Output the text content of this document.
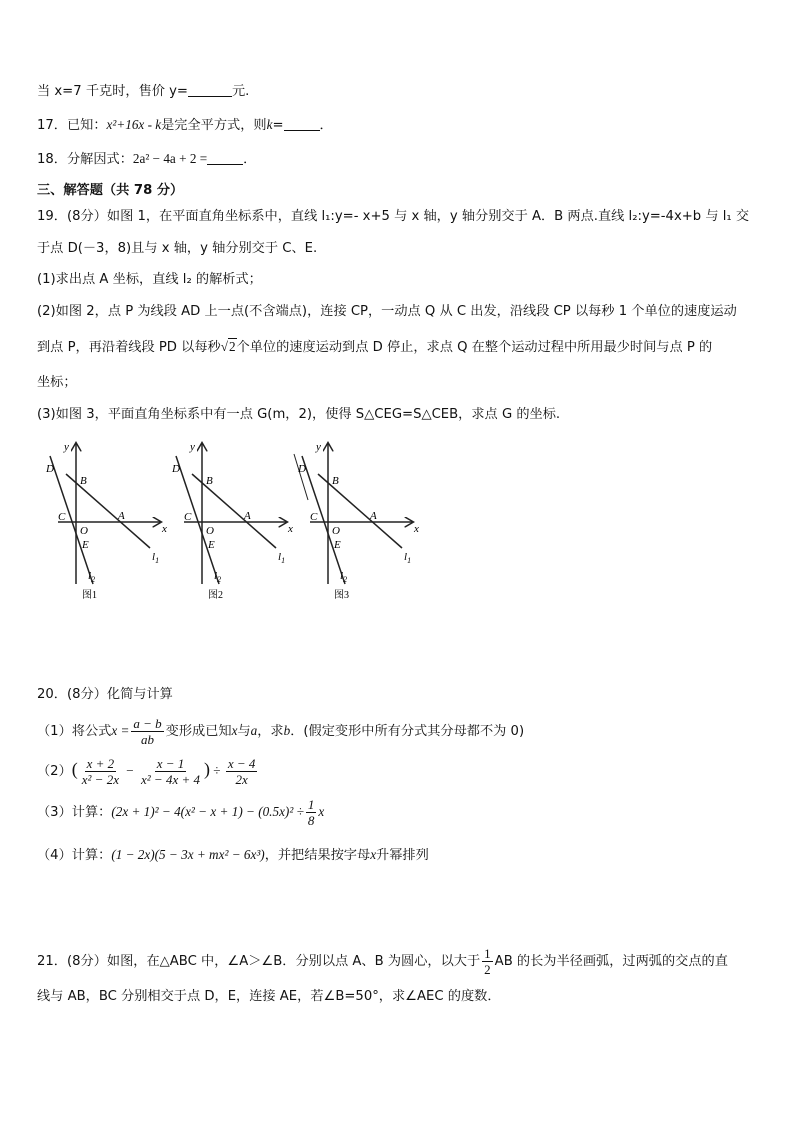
当 x=7 千克时，售价 y=	元.
17．已知：x²+16x - k是完全平方式，则k=	．
18．分解因式：2a² − 4a + 2 =	．
三、解答题（共 78 分）
19．(8分）如图 1，在平面直角坐标系中，直线 l₁:y=- x+5 与 x 轴，y 轴分别交于 A．B 两点.直线 l₂:y=-4x+b 与 l₁ 交
于点 D(－3，8)且与 x 轴，y 轴分别交于 C、E.
(1)求出点 A 坐标，直线 l₂ 的解析式；
(2)如图 2，点 P 为线段 AD 上一点(不含端点)，连接 CP，一动点 Q 从 C 出发，沿线段 CP 以每秒 1 个单位的速度运动
到点 P，再沿着线段 PD 以每秒√2个单位的速度运动到点 D 停止，求点 Q 在整个运动过程中所用最少时间与点 P 的
坐标；
(3)如图 3，平面直角坐标系中有一点 G(m，2)，使得 S△CEG=S△CEB，求点 G 的坐标.
D
y
B
C
O
A
x
E
$l_1$
$l_2$
图1
D
y
B
C
O
A
x
E
$l_1$
$l_2$
图2
D
y
B
C
O
A
x
E
$l_1$
$l_2$
图3
20．(8分）化简与计算
（1）将公式$x = \frac{a - b}{ab}$ 变形成已知x与a，求b．(假定变形中所有分式其分母都不为 0)
$(2)( \frac{x + 2}{\text{x² − 2x}} - \frac{x - 1}{\text{x² − 4x + 4}}$ ) ÷ $\frac{x - 4}{2x}$
（3）计算：$(2x + 1)^2 - 4(x^2 - x + 1) - (0.5x)^2 \div \frac{1}{8}$ x
（4）计算：(1 − 2x)(5 − 3x + mx² − 6x³)，并把结果按字母x升幂排列
21．(8分）如图，在△ABC 中，∠A＞∠B．分别以点 A、B 为圆心，以大于 $\frac{1}{2}$ AB 的长为半径画弧，过两弧的交点的直
线与 AB，BC 分别相交于点 D，E，连接 AE，若∠B=50°，求∠AEC 的度数．
